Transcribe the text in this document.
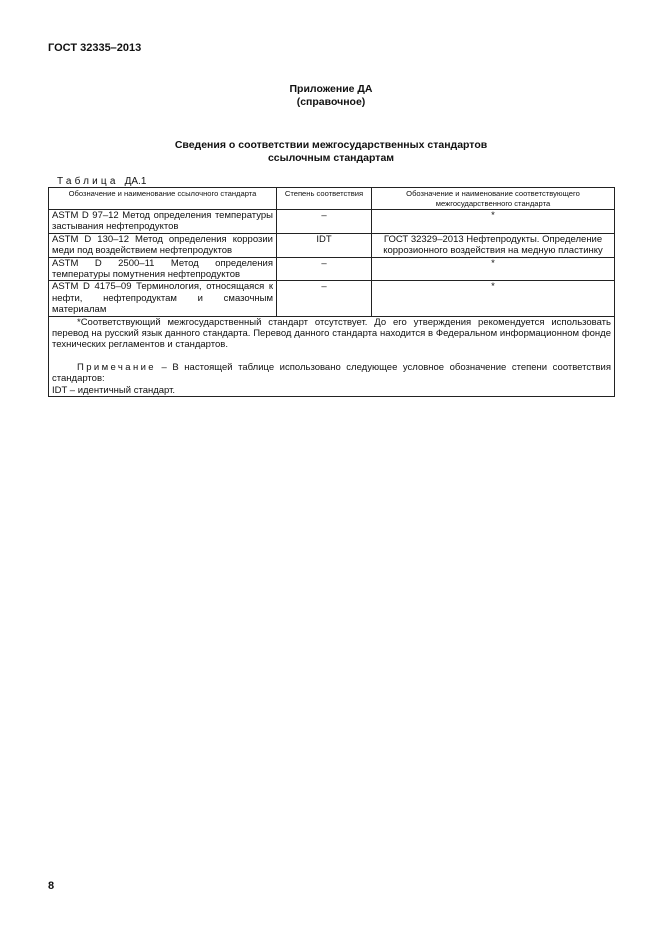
ГОСТ 32335–2013
Приложение ДА
(справочное)
Сведения о соответствии межгосударственных стандартов
ссылочным стандартам
Таблица ДА.1
Обозначение и наименование ссылочного стандарта	Степень соответствия	Обозначение и наименование соответствующего межгосударственного стандарта
ASTM D 97–12 Метод определения температуры застывания нефтепродуктов	–	*
ASTM D 130–12 Метод определения коррозии меди под воздействием нефтепродуктов	IDT	ГОСТ 32329–2013 Нефтепродукты. Определение коррозионного воздействия на медную пластинку
ASTM D 2500–11 Метод определения температуры помутнения нефтепродуктов	–	*
ASTM D 4175–09 Терминология, относящаяся к нефти, нефтепродуктам и смазочным материалам	–	*

*Соответствующий межгосударственный стандарт отсутствует. До его утверждения рекомендуется использовать перевод на русский язык данного стандарта. Перевод данного стандарта находится в Федеральном информационном фонде технических регламентов и стандартов.

Примечание – В настоящей таблице использовано следующее условное обозначение степени соответствия стандартов:

IDT – идентичный стандарт.		

8
